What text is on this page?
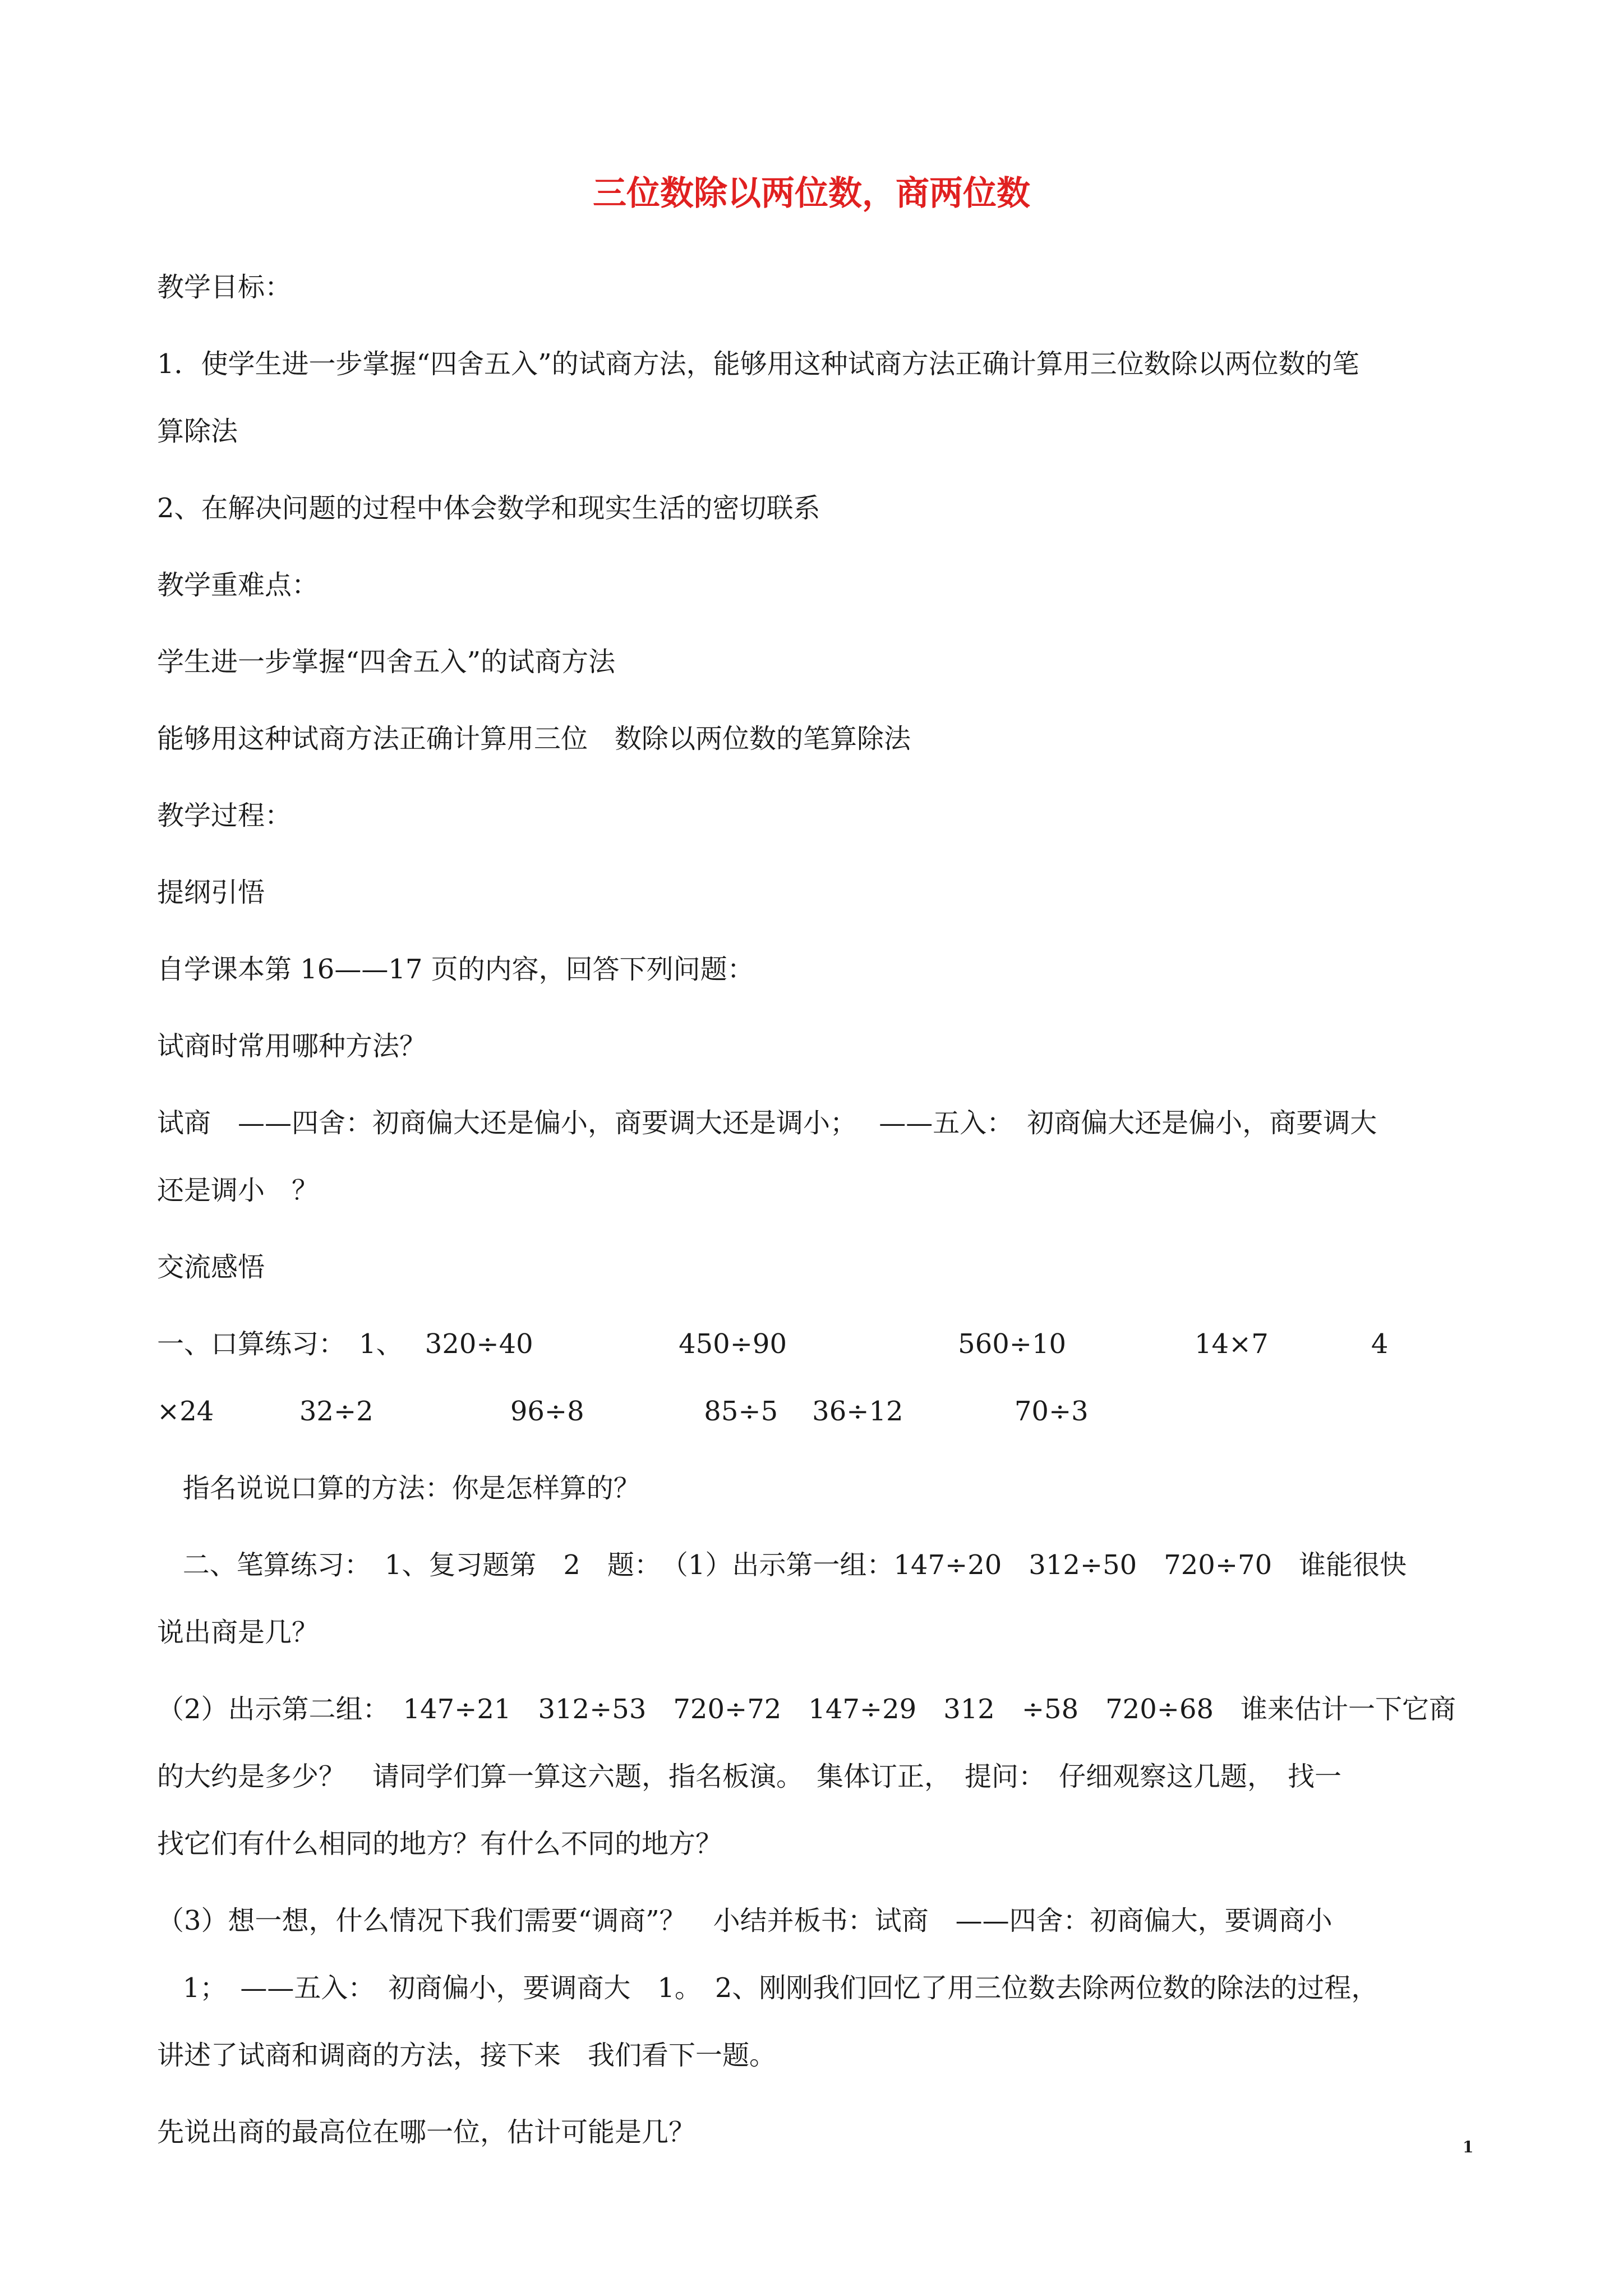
三位数除以两位数，商两位数
教学目标：
1．使学生进一步掌握“四舍五入”的试商方法，能够用这种试商方法正确计算用三位数除以两位数的笔
算除法
2、在解决问题的过程中体会数学和现实生活的密切联系
教学重难点：
学生进一步掌握“四舍五入”的试商方法
能够用这种试商方法正确计算用三位　数除以两位数的笔算除法
教学过程：
提纲引悟
自学课本第 16——17 页的内容，回答下列问题：
试商时常用哪种方法？
试商　——四舍：初商偏大还是偏小，商要调大还是调小；　 ——五入：　初商偏大还是偏小，商要调大
还是调小　？
交流感悟
一、口算练习：　1、　 320÷40                 450÷90                    560÷10               14×7            4
×24          32÷2                96÷8              85÷5    36÷12             70÷3
指名说说口算的方法：你是怎样算的？
二、笔算练习：　1、复习题第　2　题：　（1）出示第一组：147÷20　312÷50　720÷70　谁能很快
说出商是几？
（2）出示第二组：　147÷21　312÷53　720÷72　147÷29　312　÷58　720÷68　谁来估计一下它商
的大约是多少？　请同学们算一算这六题，指名板演。　集体订正，　提问：　仔细观察这几题，　找一
找它们有什么相同的地方？有什么不同的地方？
（3）想一想，什么情况下我们需要“调商”？　小结并板书：试商　——四舍：初商偏大，要调商小
1；　——五入：　初商偏小，要调商大　1。　2、刚刚我们回忆了用三位数去除两位数的除法的过程，
讲述了试商和调商的方法，接下来　我们看下一题。
先说出商的最高位在哪一位，估计可能是几？	1
